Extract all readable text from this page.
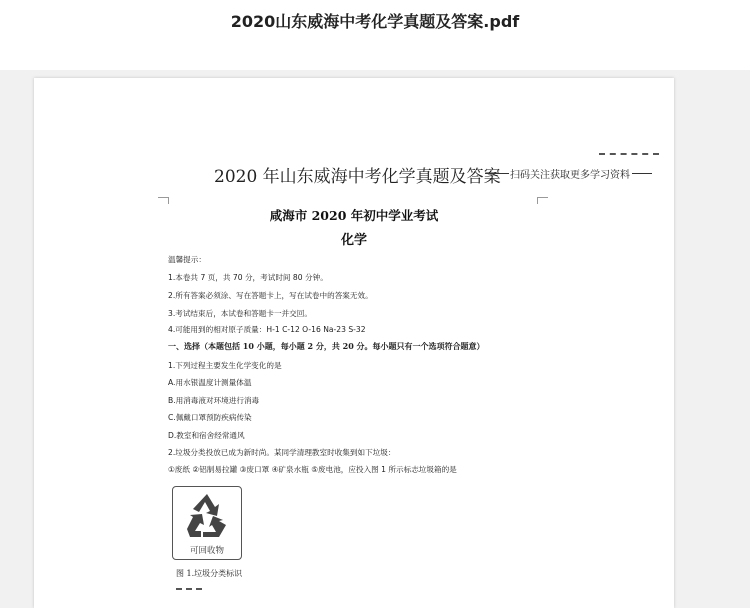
2020山东威海中考化学真题及答案.pdf
2020 年山东威海中考化学真题及答案 扫码关注获取更多学习资料
咸海市 2020 年初中学业考试
化学
温馨提示：
1.本卷共 7 页，共 70 分，考试时间 80 分钟。
2.所有答案必须涂、写在答题卡上，写在试卷中的答案无效。
3.考试结束后，本试卷和答题卡一并交回。
4.可能用到的相对原子质量：H-1 C-12 O-16 Na-23 S-32
一、选择（本题包括 10 小题，每小题 2 分，共 20 分。每小题只有一个选项符合题意）
1.下列过程主要发生化学变化的是
A.用水银温度计测量体温
B.用消毒液对环境进行消毒
C.佩戴口罩预防疾病传染
D.教室和宿舍经常通风
2.垃圾分类投放已成为新时尚。某同学清理教室时收集到如下垃圾：
①废纸 ②铝制易拉罐 ③废口罩 ④矿泉水瓶 ⑤废电池，应投入图 1 所示标志垃圾箱的是
可回收物
图 1.垃圾分类标识
